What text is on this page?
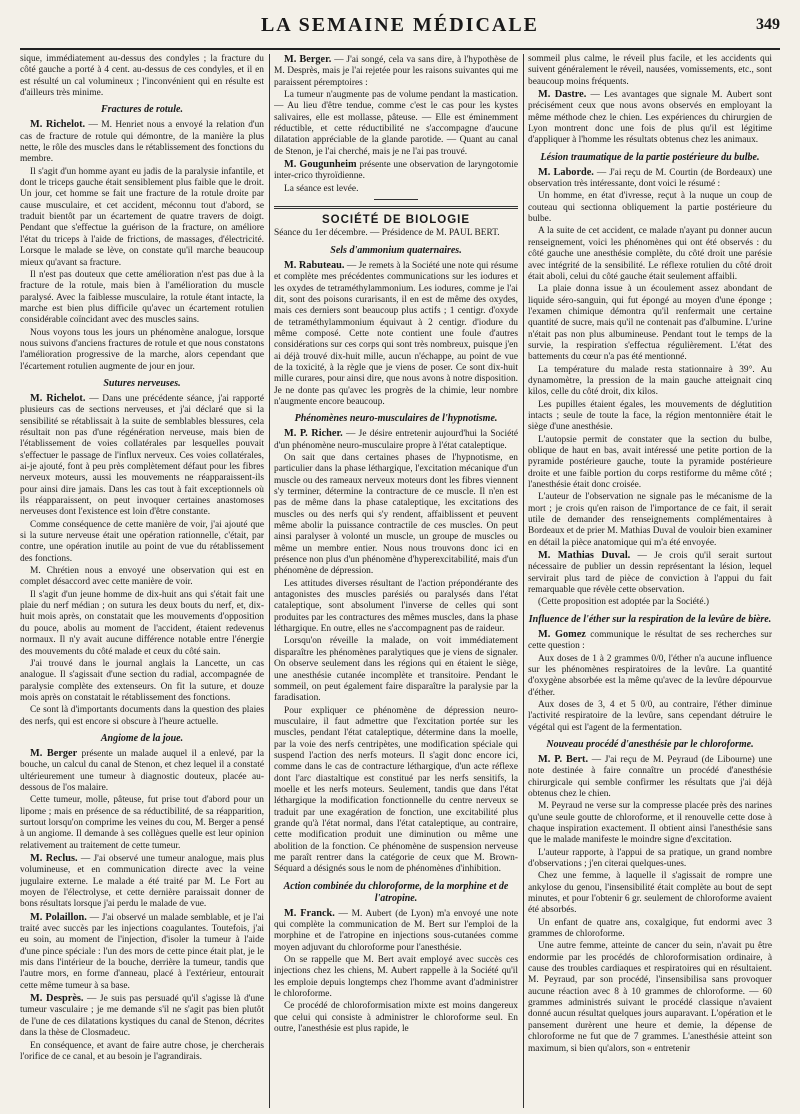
LA SEMAINE MÉDICALE	349

sique, immédiatement au-dessus des condyles ; la fracture du côté gauche a porté à 4 cent. au-dessus de ces condyles, et il en est résulté un cal volumineux ; l'inconvénient qui en résulte est d'ailleurs très minime.

Fractures de rotule.

M. Richelot. — M. Henriet nous a envoyé la relation d'un cas de fracture de rotule qui démontre, de la manière la plus nette, le rôle des muscles dans le rétablissement des fonctions du membre.

Il s'agit d'un homme ayant eu jadis de la paralysie infantile, et dont le triceps gauche était sensiblement plus faible que le droit. Un jour, cet homme se fait une fracture de la rotule droite par cause musculaire, et cet accident, méconnu tout d'abord, se traduit bientôt par un écartement de quatre travers de doigt. Pendant que s'effectue la guérison de la fracture, on améliore l'état du triceps à l'aide de frictions, de massages, d'électricité. Lorsque le malade se lève, on constate qu'il marche beaucoup mieux qu'avant sa fracture.

Il n'est pas douteux que cette amélioration n'est pas due à la fracture de la rotule, mais bien à l'amélioration du muscle paralysé. Avec la faiblesse musculaire, la rotule étant intacte, la marche est bien plus difficile qu'avec un écartement rotulien considérable coïncidant avec des muscles sains.

Nous voyons tous les jours un phénomène analogue, lorsque nous suivons d'anciens fractures de rotule et que nous constatons l'amélioration progressive de la marche, alors cependant que l'écartement rotulien augmente de jour en jour.

Sutures nerveuses.

M. Richelot. — Dans une précédente séance, j'ai rapporté plusieurs cas de sections nerveuses, et j'ai déclaré que si la sensibilité se rétablissait à la suite de semblables blessures, cela résultait non pas d'une régénération nerveuse, mais bien de l'établissement de voies collatérales par lesquelles pouvait s'effectuer le passage de l'influx nerveux. Ces voies collatérales, ai-je ajouté, font à peu près complètement défaut pour les fibres nerveux moteurs, aussi les mouvements ne réapparaissent-ils pour ainsi dire jamais. Dans les cas tout à fait exceptionnels où ils réapparaissent, on peut invoquer certaines anastomoses nerveuses dont l'existence est loin d'être constante.

Comme conséquence de cette manière de voir, j'ai ajouté que si la suture nerveuse était une opération rationnelle, c'était, par contre, une opération inutile au point de vue du rétablissement des fonctions.

M. Chrétien nous a envoyé une observation qui est en complet désaccord avec cette manière de voir.

Il s'agit d'un jeune homme de dix-huit ans qui s'était fait une plaie du nerf médian ; on sutura les deux bouts du nerf, et, dix-huit mois après, on constatait que les mouvements d'opposition du pouce, abolis au moment de l'accident, étaient redevenus normaux. Il n'y avait aucune différence notable entre l'énergie des mouvements du côté malade et ceux du côté sain.

J'ai trouvé dans le journal anglais la Lancette, un cas analogue. Il s'agissait d'une section du radial, accompagnée de paralysie complète des extenseurs. On fit la suture, et douze mois après on constatait le rétablissement des fonctions.

Ce sont là d'importants documents dans la question des plaies des nerfs, qui est encore si obscure à l'heure actuelle.

Angiome de la joue.

M. Berger présente un malade auquel il a enlevé, par la bouche, un calcul du canal de Stenon, et chez lequel il a constaté ultérieurement une tumeur à diagnostic douteux, placée au-dessous de l'os malaire.

Cette tumeur, molle, pâteuse, fut prise tout d'abord pour un lipome ; mais en présence de sa réductibilité, de sa réapparition, surtout lorsqu'on comprime les veines du cou, M. Berger a pensé à un angiome. Il demande à ses collègues quelle est leur opinion relativement au traitement de cette tumeur.

M. Reclus. — J'ai observé une tumeur analogue, mais plus volumineuse, et en communication directe avec la veine jugulaire externe. Le malade a été traité par M. Le Fort au moyen de l'électrolyse, et cette dernière paraissait donner de bons résultats lorsque j'ai perdu le malade de vue.

M. Polaillon. — J'ai observé un malade semblable, et je l'ai traité avec succès par les injections coagulantes. Toutefois, j'ai eu soin, au moment de l'injection, d'isoler la tumeur à l'aide d'une pince spéciale : l'un des mors de cette pince était plat, je le mis dans l'intérieur de la bouche, derrière la tumeur, tandis que l'autre mors, en forme d'anneau, placé à l'extérieur, entourait cette même tumeur à sa base.

M. Desprès. — Je suis pas persuadé qu'il s'agisse là d'une tumeur vasculaire ; je me demande s'il ne s'agit pas bien plutôt de l'une de ces dilatations kystiques du canal de Stenon, décrites dans la thèse de Closmadeuc.

En conséquence, et avant de faire autre chose, je chercherais l'orifice de ce canal, et au besoin je l'agrandirais.

M. Berger. — J'ai songé, cela va sans dire, à l'hypothèse de M. Desprès, mais je l'ai rejetée pour les raisons suivantes qui me paraissent péremptoires :

La tumeur n'augmente pas de volume pendant la mastication. — Au lieu d'être tendue, comme c'est le cas pour les kystes salivaires, elle est mollasse, pâteuse. — Elle est éminemment réductible, et cette réductibilité ne s'accompagne d'aucune dilatation appréciable de la glande parotide. — Quant au canal de Stenon, je l'ai cherché, mais je ne l'ai pas trouvé.

M. Gougunheim présente une observation de laryngotomie inter-crico thyroïdienne.

La séance est levée.

SOCIÉTÉ DE BIOLOGIE

Séance du 1er décembre. — Présidence de M. PAUL BERT.

Sels d'ammonium quaternaires.

M. Rabuteau. — Je remets à la Société une note qui résume et complète mes précédentes communications sur les iodures et les oxydes de tetraméthylammonium. Les iodures, comme je l'ai dit, sont des poisons curarisants, il en est de même des oxydes, mais ces derniers sont beaucoup plus actifs ; 1 centigr. d'oxyde de tetraméthylammonium équivaut à 2 centigr. d'iodure du même composé. Cette note contient une foule d'autres considérations sur ces corps qui sont très nombreux, puisque j'en ai déjà trouvé dix-huit mille, aucun n'échappe, au point de vue de la toxicité, à la règle que je viens de poser. Ce sont dix-huit mille curares, pour ainsi dire, que nous avons à notre disposition. Je ne donte pas qu'avec les progrès de la chimie, leur nombre n'augmente encore beaucoup.

Phénomènes neuro-musculaires de l'hypnotisme.

M. P. Richer. — Je désire entretenir aujourd'hui la Société d'un phénomène neuro-musculaire propre à l'état cataleptique.

On sait que dans certaines phases de l'hypnotisme, en particulier dans la phase léthargique, l'excitation mécanique d'un muscle ou des rameaux nerveux moteurs dont les fibres viennent s'y terminer, détermine la contracture de ce muscle. Il n'en est pas de même dans la phase cataleptique, les excitations des muscles ou des nerfs qui s'y rendent, affaiblissent et peuvent même abolir la puissance contractile de ces muscles. On peut ainsi paralyser à volonté un muscle, un groupe de muscles ou même un membre entier. Nous nous trouvons donc ici en présence non plus d'un phénomène d'hyperexcitabilité, mais d'un phénomène de dépression.

Les attitudes diverses résultant de l'action prépondérante des antagonistes des muscles parésiés ou paralysés dans l'état cataleptique, sont absolument l'inverse de celles qui sont produites par les contractures des mêmes muscles, dans la phase léthargique. En outre, elles ne s'accompagnent pas de raideur.

Lorsqu'on réveille la malade, on voit immédiatement disparaître les phénomènes paralytiques que je viens de signaler. On observe seulement dans les régions qui en étaient le siège, une anesthésie cutanée incomplète et transitoire. Pendant le sommeil, on peut également faire disparaître la paralysie par la faradisation.

Pour expliquer ce phénomène de dépression neuro-musculaire, il faut admettre que l'excitation portée sur les muscles, pendant l'état cataleptique, détermine dans la moelle, par la voie des nerfs centripètes, une modification spéciale qui suspend l'action des nerfs moteurs. Il s'agit donc encore ici, comme dans le cas de contracture léthargique, d'un acte réflexe dont l'arc diastaltique est constitué par les nerfs sensitifs, la moelle et les nerfs moteurs. Seulement, tandis que dans l'état léthargique la modification fonctionnelle du centre nerveux se traduit par une exagération de fonction, une excitabilité plus grande qu'à l'état normal, dans l'état cataleptique, au contraire, cette modification produit une diminution ou même une abolition de la fonction. Ce phénomène de suspension nerveuse me paraît rentrer dans la catégorie de ceux que M. Brown-Séquard a désignés sous le nom de phénomènes d'inhibition.

Action combinée du chloroforme, de la morphine et de l'atropine.

M. Franck. — M. Aubert (de Lyon) m'a envoyé une note qui complète la communication de M. Bert sur l'emploi de la morphine et de l'atropine en injections sous-cutanées comme moyen adjuvant du chloroforme pour l'anesthésie.

On se rappelle que M. Bert avait employé avec succès ces injections chez les chiens, M. Aubert rappelle à la Société qu'il les emploie depuis longtemps chez l'homme avant d'administrer le chloroforme.

Ce procédé de chloroformisation mixte est moins dangereux que celui qui consiste à administrer le chloroforme seul. En outre, l'anesthésie est plus rapide, le

sommeil plus calme, le réveil plus facile, et les accidents qui suivent généralement le réveil, nausées, vomissements, etc., sont beaucoup moins fréquents.

M. Dastre. — Les avantages que signale M. Aubert sont précisément ceux que nous avons observés en employant la même méthode chez le chien. Les expériences du chirurgien de Lyon montrent donc une fois de plus qu'il est légitime d'appliquer à l'homme les résultats obtenus chez les animaux.

Lésion traumatique de la partie postérieure du bulbe.

M. Laborde. — J'ai reçu de M. Courtin (de Bordeaux) une observation très intéressante, dont voici le résumé :

Un homme, en état d'ivresse, reçut à la nuque un coup de couteau qui sectionna obliquement la partie postérieure du bulbe.

A la suite de cet accident, ce malade n'ayant pu donner aucun renseignement, voici les phénomènes qui ont été observés : du côté gauche une anesthésie complète, du côté droit une parésie avec intégrité de la sensibilité. Le réflexe rotulien du côté droit était aboli, celui du côté gauche était seulement affaibli.

La plaie donna issue à un écoulement assez abondant de liquide séro-sanguin, qui fut épongé au moyen d'une éponge ; l'examen chimique démontra qu'il renfermait une certaine quantité de sucre, mais qu'il ne contenait pas d'albumine. L'urine n'était pas non plus albumineuse. Pendant tout le temps de la survie, la respiration s'effectua régulièrement. L'état des battements du cœur n'a pas été mentionné.

La température du malade resta stationnaire à 39°. Au dynamomètre, la pression de la main gauche atteignait cinq kilos, celle du côté droit, dix kilos.

Les pupilles étaient égales, les mouvements de déglutition intacts ; seule de toute la face, la région mentonnière était le siège d'une anesthésie.

L'autopsie permit de constater que la section du bulbe, oblique de haut en bas, avait intéressé une petite portion de la pyramide postérieure gauche, toute la pyramide postérieure droite et une faible portion du corps restiforme du même côté ; l'anesthésie était donc croisée.

L'auteur de l'observation ne signale pas le mécanisme de la mort ; je crois qu'en raison de l'importance de ce fait, il serait utile de demander des renseignements complémentaires à Bordeaux et de prier M. Mathias Duval de vouloir bien examiner en détail la pièce anatomique qui m'a été envoyée.

M. Mathias Duval. — Je crois qu'il serait surtout nécessaire de publier un dessin représentant la lésion, lequel servirait plus tard de pièce de conviction à l'appui du fait remarquable que révèle cette observation.

(Cette proposition est adoptée par la Société.)

Influence de l'éther sur la respiration de la levûre de bière.

M. Gomez communique le résultat de ses recherches sur cette question :

Aux doses de 1 à 2 grammes 0/0, l'éther n'a aucune influence sur les phénomènes respiratoires de la levûre. La quantité d'oxygène absorbée est la même qu'avec de la levûre dépourvue d'éther.

Aux doses de 3, 4 et 5 0/0, au contraire, l'éther diminue l'activité respiratoire de la levûre, sans cependant détruire le végétal qui est l'agent de la fermentation.

Nouveau procédé d'anesthésie par le chloroforme.

M. P. Bert. — J'ai reçu de M. Peyraud (de Libourne) une note destinée à faire connaître un procédé d'anesthésie chirurgicale qui semble confirmer les résultats que j'ai déjà obtenus chez le chien.

M. Peyraud ne verse sur la compresse placée près des narines qu'une seule goutte de chloroforme, et il renouvelle cette dose à chaque inspiration exactement. Il obtient ainsi l'anesthésie sans que le malade manifeste le moindre signe d'excitation.

L'auteur rapporte, à l'appui de sa pratique, un grand nombre d'observations ; j'en citerai quelques-unes.

Chez une femme, à laquelle il s'agissait de rompre une ankylose du genou, l'insensibilité était complète au bout de sept minutes, et pour l'obtenir 6 gr. seulement de chloroforme avaient été absorbés.

Un enfant de quatre ans, coxalgique, fut endormi avec 3 grammes de chloroforme.

Une autre femme, atteinte de cancer du sein, n'avait pu être endormie par les procédés de chloroformisation ordinaire, à cause des troubles cardiaques et respiratoires qui en résultaient. M. Peyraud, par son procédé, l'insensibilisa sans provoquer aucune réaction avec 8 à 10 grammes de chloroforme. — 60 grammes administrés suivant le procédé classique n'avaient donné aucun résultat quelques jours auparavant. L'opération et le pansement durèrent une heure et demie, la dépense de chloroforme ne fut que de 7 grammes. L'anesthésie atteint son maximum, si bien qu'alors, son « entretenir
